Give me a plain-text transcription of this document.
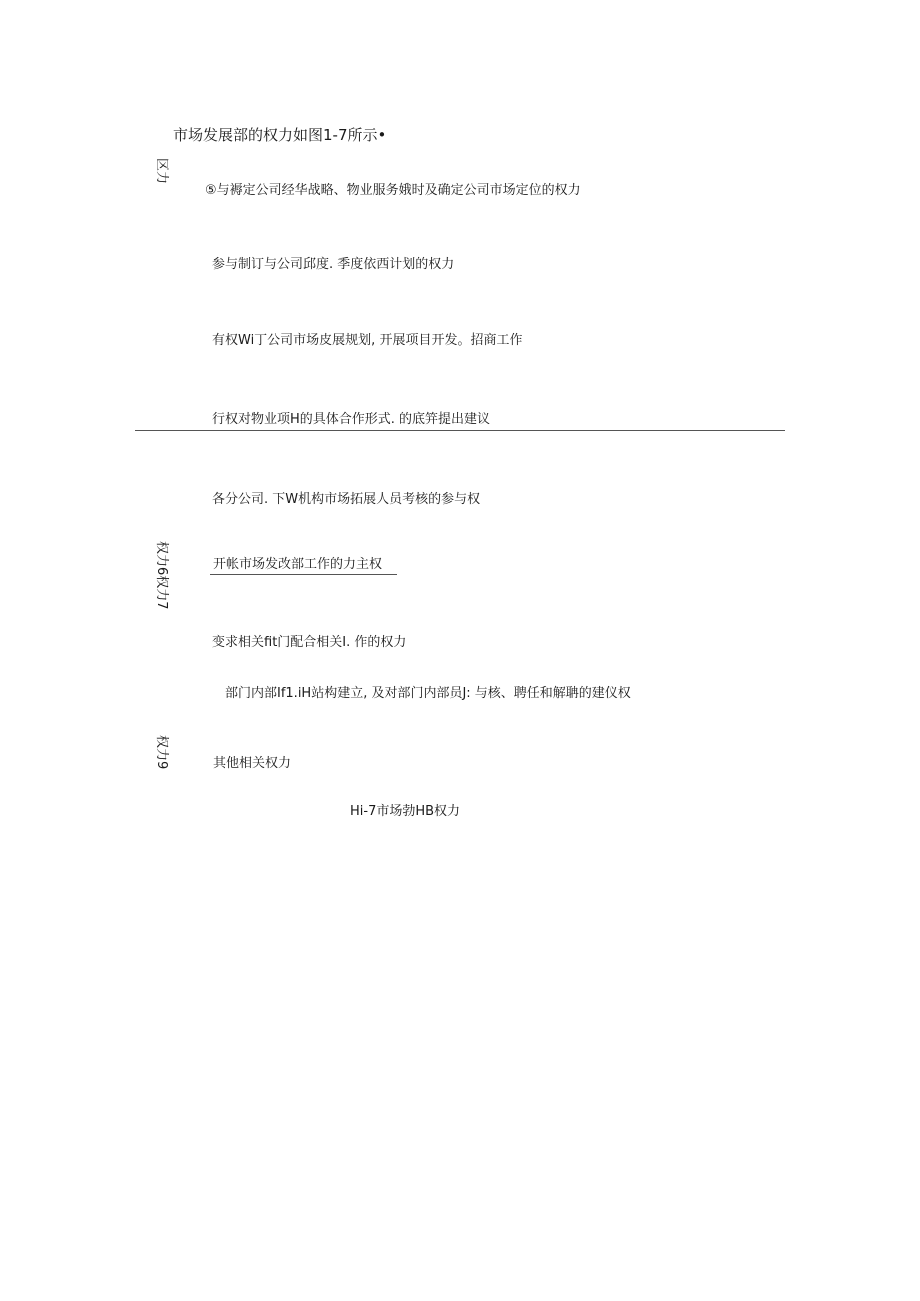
市场发展部的权力如图1-7所示•
区力
⑤与褥定公司经华战略、物业服务娥时及确定公司市场定位的权力
参与制订与公司邱度. 季度依西计划的权力
有权Wi丁公司市场皮展规划, 开展项目开发。招商工作
行权对物业项H的具体合作形式. 的底笄提出建议
各分公司. 下W机构市场拓展人员考核的参与权
权力6权力7	开帐市场发改部工作的力主权
变求相关fit门配合相关I. 作的权力
部门内部If1.iH站构建立, 及对部门内部员J: 与核、聘任和解聃的建仪权
权力9	其他相关权力
Hi-7市场勃HB权力
